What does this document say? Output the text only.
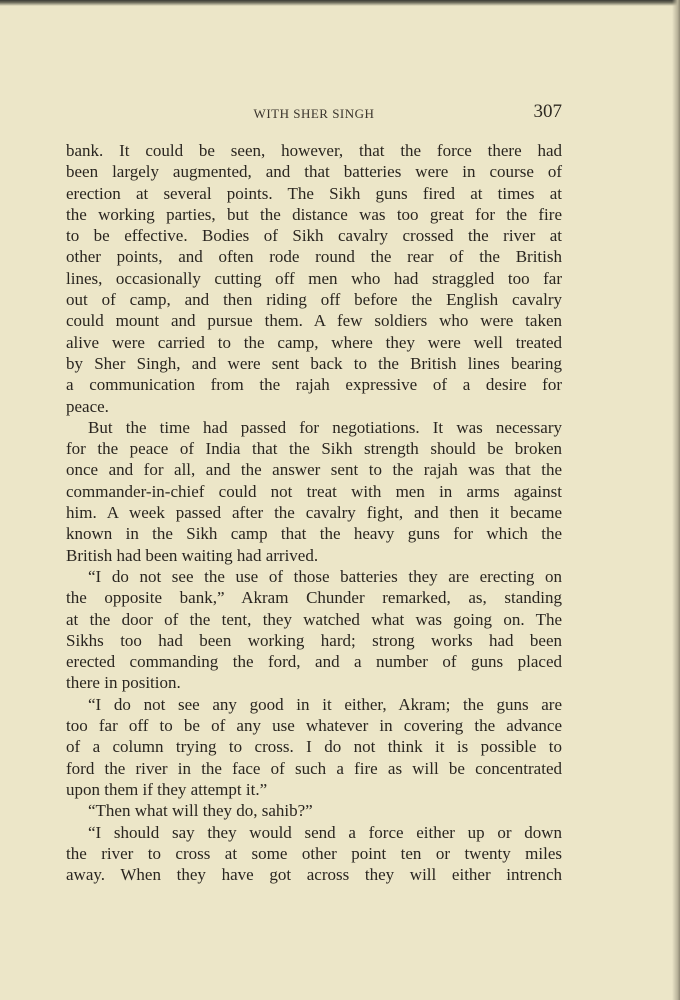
WITH SHER SINGH	307
bank. It could be seen, however, that the force there had
been largely augmented, and that batteries were in course of
erection at several points. The Sikh guns fired at times at
the working parties, but the distance was too great for the fire
to be effective. Bodies of Sikh cavalry crossed the river at
other points, and often rode round the rear of the British
lines, occasionally cutting off men who had straggled too far
out of camp, and then riding off before the English cavalry
could mount and pursue them. A few soldiers who were taken
alive were carried to the camp, where they were well treated
by Sher Singh, and were sent back to the British lines bearing
a communication from the rajah expressive of a desire for
peace.
But the time had passed for negotiations. It was necessary
for the peace of India that the Sikh strength should be broken
once and for all, and the answer sent to the rajah was that the
commander-in-chief could not treat with men in arms against
him. A week passed after the cavalry fight, and then it became
known in the Sikh camp that the heavy guns for which the
British had been waiting had arrived.
“I do not see the use of those batteries they are erecting on
the opposite bank,” Akram Chunder remarked, as, standing
at the door of the tent, they watched what was going on. The
Sikhs too had been working hard; strong works had been
erected commanding the ford, and a number of guns placed
there in position.
“I do not see any good in it either, Akram; the guns are
too far off to be of any use whatever in covering the advance
of a column trying to cross. I do not think it is possible to
ford the river in the face of such a fire as will be concentrated
upon them if they attempt it.”
“Then what will they do, sahib?”
“I should say they would send a force either up or down
the river to cross at some other point ten or twenty miles
away. When they have got across they will either intrench
